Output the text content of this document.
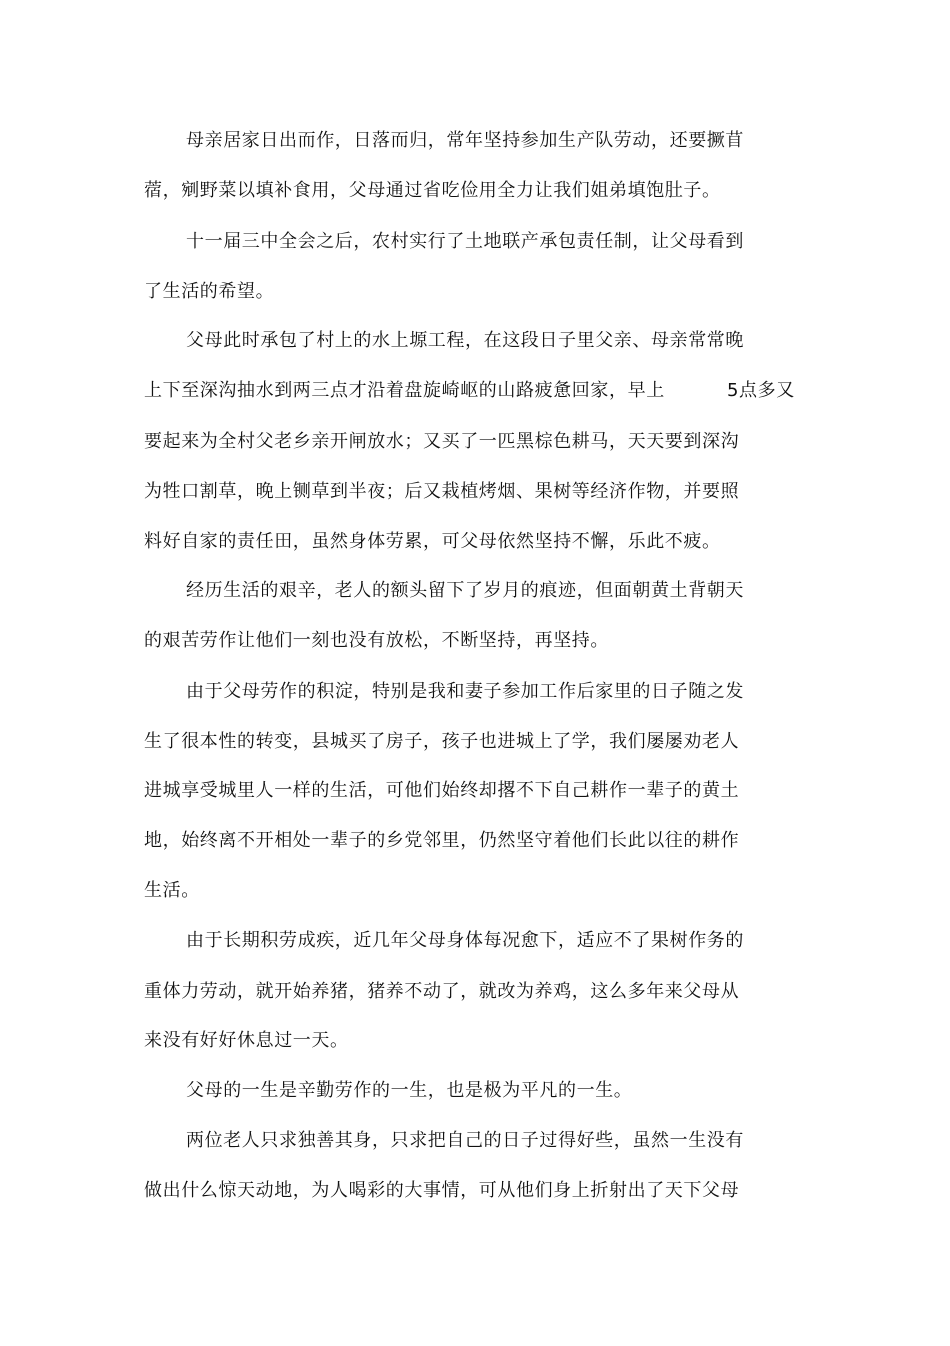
母亲居家日出而作，日落而归，常年坚持参加生产队劳动，还要撅苜
蓿，剜野菜以填补食用，父母通过省吃俭用全力让我们姐弟填饱肚子。
十一届三中全会之后，农村实行了土地联产承包责任制，让父母看到
了生活的希望。
父母此时承包了村上的水上塬工程，在这段日子里父亲、母亲常常晚
上下至深沟抽水到两三点才沿着盘旋崎岖的山路疲惫回家，早上	5点多又
要起来为全村父老乡亲开闸放水；又买了一匹黑棕色耕马，天天要到深沟
为牲口割草，晚上铡草到半夜；后又栽植烤烟、果树等经济作物，并要照
料好自家的责任田，虽然身体劳累，可父母依然坚持不懈，乐此不疲。
经历生活的艰辛，老人的额头留下了岁月的痕迹，但面朝黄土背朝天
的艰苦劳作让他们一刻也没有放松，不断坚持，再坚持。
由于父母劳作的积淀，特别是我和妻子参加工作后家里的日子随之发
生了很本性的转变，县城买了房子，孩子也进城上了学，我们屡屡劝老人
进城享受城里人一样的生活，可他们始终却撂不下自己耕作一辈子的黄土
地，始终离不开相处一辈子的乡党邻里，仍然坚守着他们长此以往的耕作
生活。
由于长期积劳成疾，近几年父母身体每况愈下，适应不了果树作务的
重体力劳动，就开始养猪，猪养不动了，就改为养鸡，这么多年来父母从
来没有好好休息过一天。
父母的一生是辛勤劳作的一生，也是极为平凡的一生。
两位老人只求独善其身，只求把自己的日子过得好些，虽然一生没有
做出什么惊天动地，为人喝彩的大事情，可从他们身上折射出了天下父母
